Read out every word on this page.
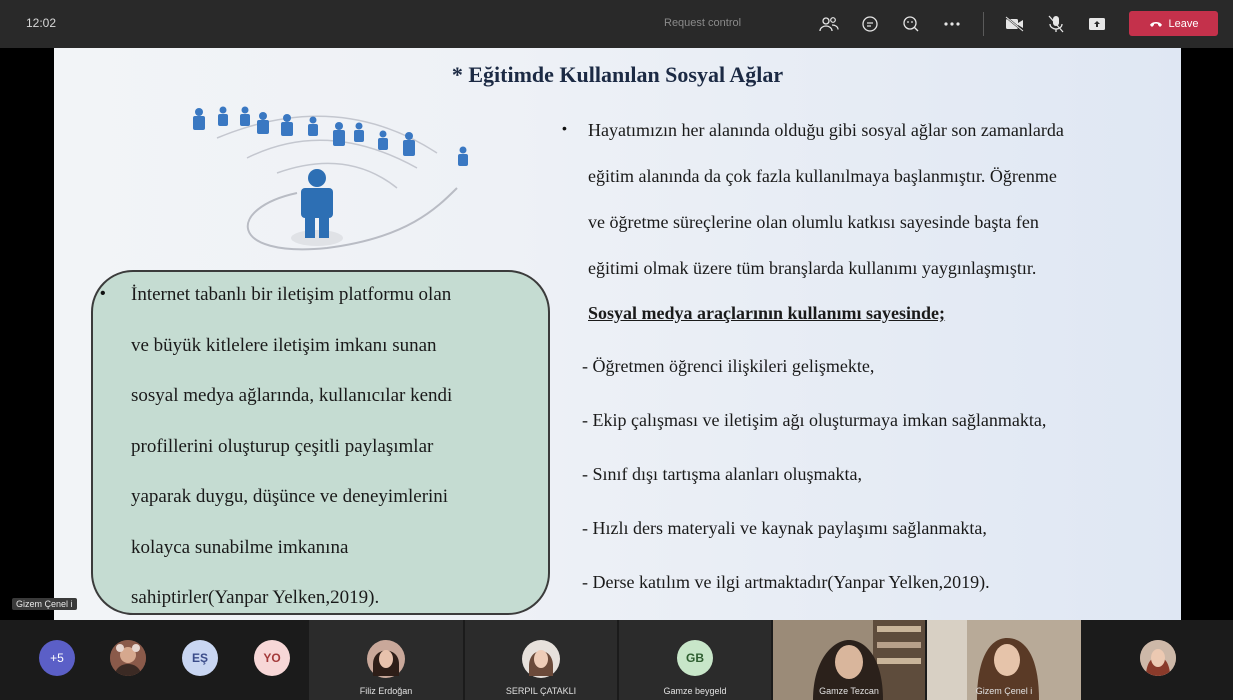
12:02	Request control	Leave
* Eğitimde Kullanılan Sosyal Ağlar
• İnternet tabanlı bir iletişim platformu olan
ve büyük kitlelere iletişim imkanı sunan
sosyal medya ağlarında, kullanıcılar kendi
profillerini oluşturup çeşitli paylaşımlar
yaparak duygu, düşünce ve deneyimlerini
kolayca sunabilme imkanına
sahiptirler(Yanpar Yelken,2019).
• Hayatımızın her alanında olduğu gibi sosyal ağlar son zamanlarda
eğitim alanında da çok fazla kullanılmaya başlanmıştır. Öğrenme
ve öğretme süreçlerine olan olumlu katkısı sayesinde başta fen
eğitimi olmak üzere tüm branşlarda kullanımı yaygınlaşmıştır.
Sosyal medya araçlarının kullanımı sayesinde;
- Öğretmen öğrenci ilişkileri gelişmekte,
- Ekip çalışması ve iletişim ağı oluşturmaya imkan sağlanmakta,
- Sınıf dışı tartışma alanları oluşmakta,
- Hızlı ders materyali ve kaynak paylaşımı sağlanmakta,
- Derse katılım ve ilgi artmaktadır(Yanpar Yelken,2019).
Gizem Çenel i
+5	EŞ	YO
Filiz Erdoğan	SERPIL ÇATAKLI
GB
Gamze beygeld	Gamze Tezcan	Gizem Çenel i
